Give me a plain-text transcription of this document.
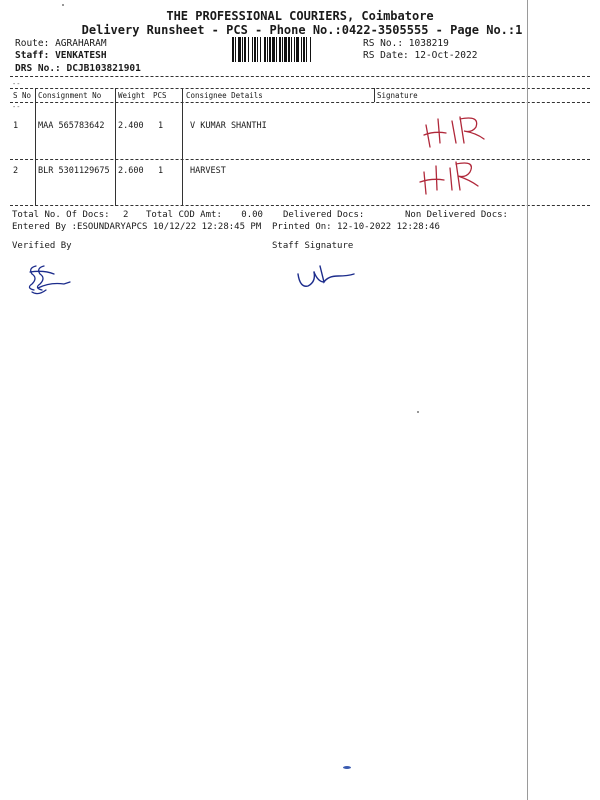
THE PROFESSIONAL COURIERS, Coimbatore
Delivery Runsheet - PCS - Phone No.:0422-3505555 - Page No.:1
Route: AGRAHARAM
Staff: VENKATESH
DRS No.: DCJB103821901
RS No.: 1038219
RS Date: 12-Oct-2022
--
--
S No Consignment No Weight PCS	Consignee Details	Signature
1 MAA 565783642 2.400 1	V KUMAR SHANTHI
2 BLR 5301129675 2.600 1	HARVEST
Total No. Of Docs: 2 Total COD Amt: 0.00 Delivered Docs:	Non Delivered Docs:
Entered By :ESOUNDARYAPCS 10/12/22 12:28:45 PM Printed On: 12-10-2022 12:28:46
Verified By	Staff Signature
